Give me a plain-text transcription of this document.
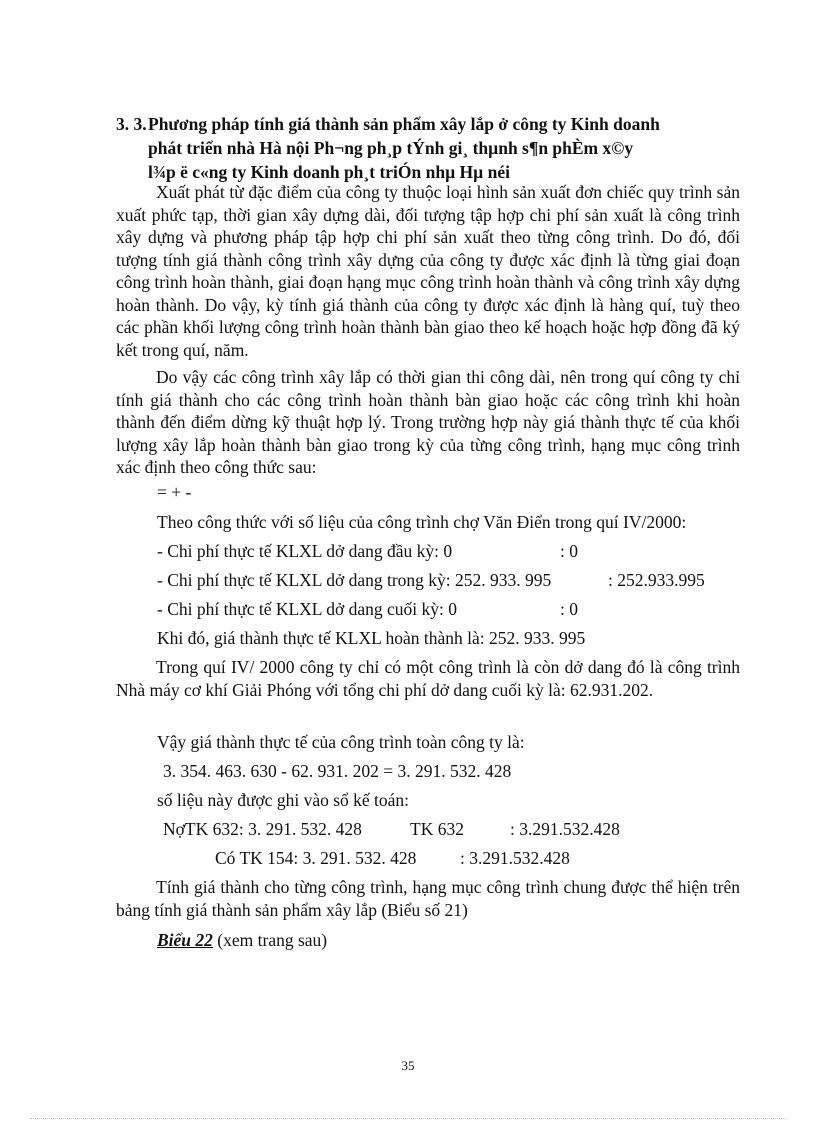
3. 3.Phương pháp tính giá thành sản phẩm xây lắp ở công ty Kinh doanh
phát triển nhà Hà nội Ph¬ng ph¸p tÝnh gi¸ thµnh s¶n phÈm x©y
l¾p ë c«ng ty Kinh doanh ph¸t triÓn nhµ Hµ néi

Xuất phát từ đặc điểm của công ty thuộc loại hình sản xuất đơn chiếc quy trình sản xuất phức tạp, thời gian xây dựng dài, đối tượng tập hợp chi phí sản xuất là công trình xây dựng và phương pháp tập hợp chi phí sản xuất theo từng công trình. Do đó, đối tượng tính giá thành công trình xây dựng của công ty được xác định là từng giai đoạn công trình hoàn thành, giai đoạn hạng mục công trình hoàn thành và công trình xây dựng hoàn thành. Do vậy, kỳ tính giá thành của công ty được xác định là hàng quí, tuỳ theo các phần khối lượng công trình hoàn thành bàn giao theo kế hoạch hoặc hợp đồng đã ký kết trong quí, năm.

Do vậy các công trình xây lắp có thời gian thi công dài, nên trong quí công ty chỉ tính giá thành cho các công trình hoàn thành bàn giao hoặc các công trình khi hoàn thành đến điểm dừng kỹ thuật hợp lý. Trong trường hợp này giá thành thực tế của khối lượng xây lắp hoàn thành bàn giao trong kỳ của từng công trình, hạng mục công trình xác định theo công thức sau:

= + -
Theo công thức với số liệu của công trình chợ Văn Điển trong quí IV/2000:
- Chi phí thực tế KLXL dở dang đầu kỳ: 0	: 0
- Chi phí thực tế KLXL dở dang trong kỳ: 252. 933. 995	: 252.933.995
- Chi phí thực tế KLXL dở dang cuối kỳ: 0	: 0
Khi đó, giá thành thực tế KLXL hoàn thành là: 252. 933. 995

Trong quí IV/ 2000 công ty chỉ có một công trình là còn dở dang đó là công trình Nhà máy cơ khí Giải Phóng với tổng chi phí dở dang cuối kỳ là: 62.931.202.

Vậy giá thành thực tế của công trình toàn công ty là:
3. 354. 463. 630 - 62. 931. 202 = 3. 291. 532. 428
số liệu này được ghi vào sổ kế toán:
NợTK 632: 3. 291. 532. 428	TK 632	: 3.291.532.428
Có TK 154: 3. 291. 532. 428 : 3.291.532.428

Tính giá thành cho từng công trình, hạng mục công trình chung được thể hiện trên bảng tính giá thành sản phẩm xây lắp (Biểu số 21)

Biểu 22 (xem trang sau)
35
